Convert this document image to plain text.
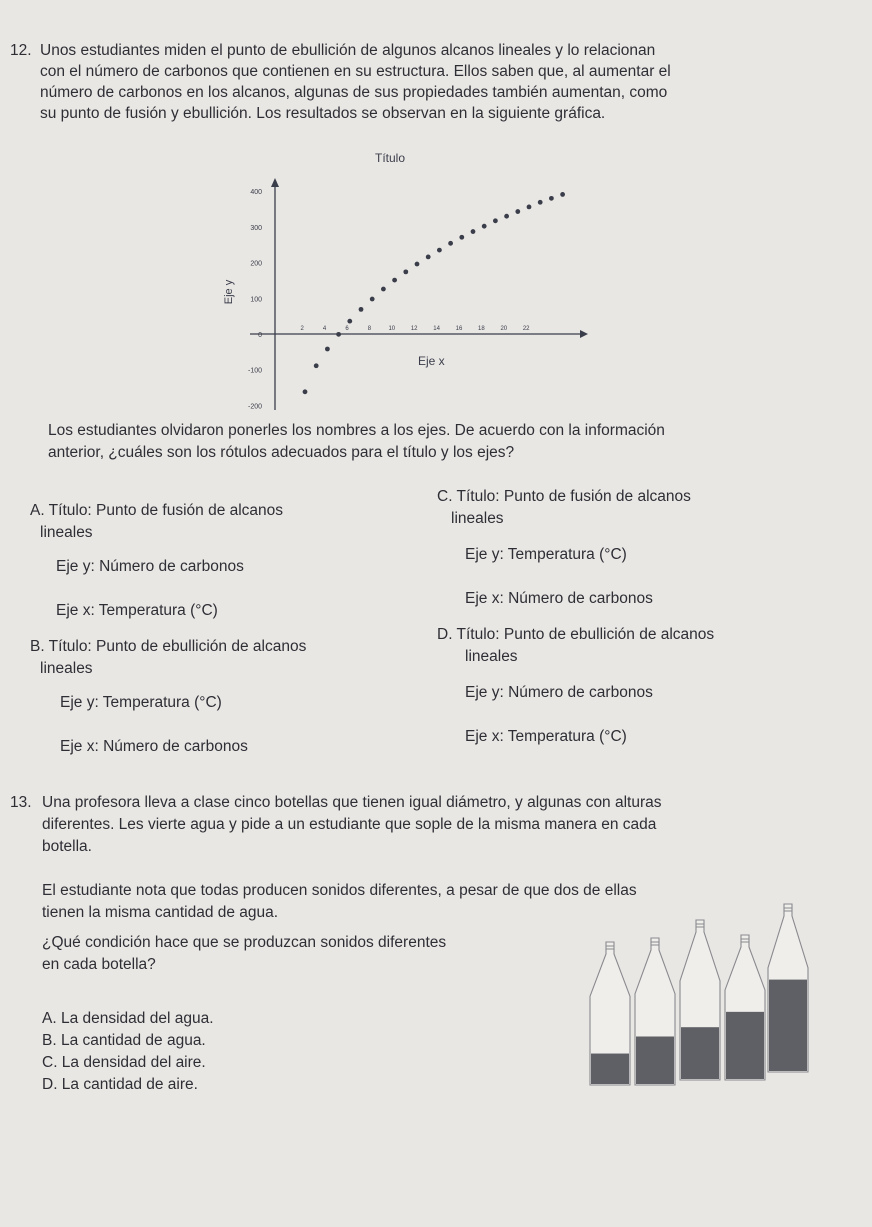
12. Unos estudiantes miden el punto de ebullición de algunos alcanos lineales y lo relacionan
con el número de carbonos que contienen en su estructura. Ellos saben que, al aumentar el
número de carbonos en los alcanos, algunas de sus propiedades también aumentan, como
su punto de fusión y ebullición. Los resultados se observan en la siguiente gráfica.
Título
-200
-100
0
100
200
300
400
2	4	6	8	10	12	14	16	18	20	22
Eje x
Eje y
Los estudiantes olvidaron ponerles los nombres a los ejes. De acuerdo con la información
anterior, ¿cuáles son los rótulos adecuados para el título y los ejes?
A. Título: Punto de fusión de alcanos
lineales
Eje y: Número de carbonos
Eje x: Temperatura (°C)
B. Título: Punto de ebullición de alcanos
lineales
Eje y: Temperatura (°C)
Eje x: Número de carbonos
C. Título: Punto de fusión de alcanos
lineales
Eje y: Temperatura (°C)
Eje x: Número de carbonos
D. Título: Punto de ebullición de alcanos
lineales
Eje y: Número de carbonos
Eje x: Temperatura (°C)
13. Una profesora lleva a clase cinco botellas que tienen igual diámetro, y algunas con alturas
diferentes. Les vierte agua y pide a un estudiante que sople de la misma manera en cada
botella.
El estudiante nota que todas producen sonidos diferentes, a pesar de que dos de ellas
tienen la misma cantidad de agua.
¿Qué condición hace que se produzcan sonidos diferentes
en cada botella?
A. La densidad del agua.
B. La cantidad de agua.
C. La densidad del aire.
D. La cantidad de aire.
